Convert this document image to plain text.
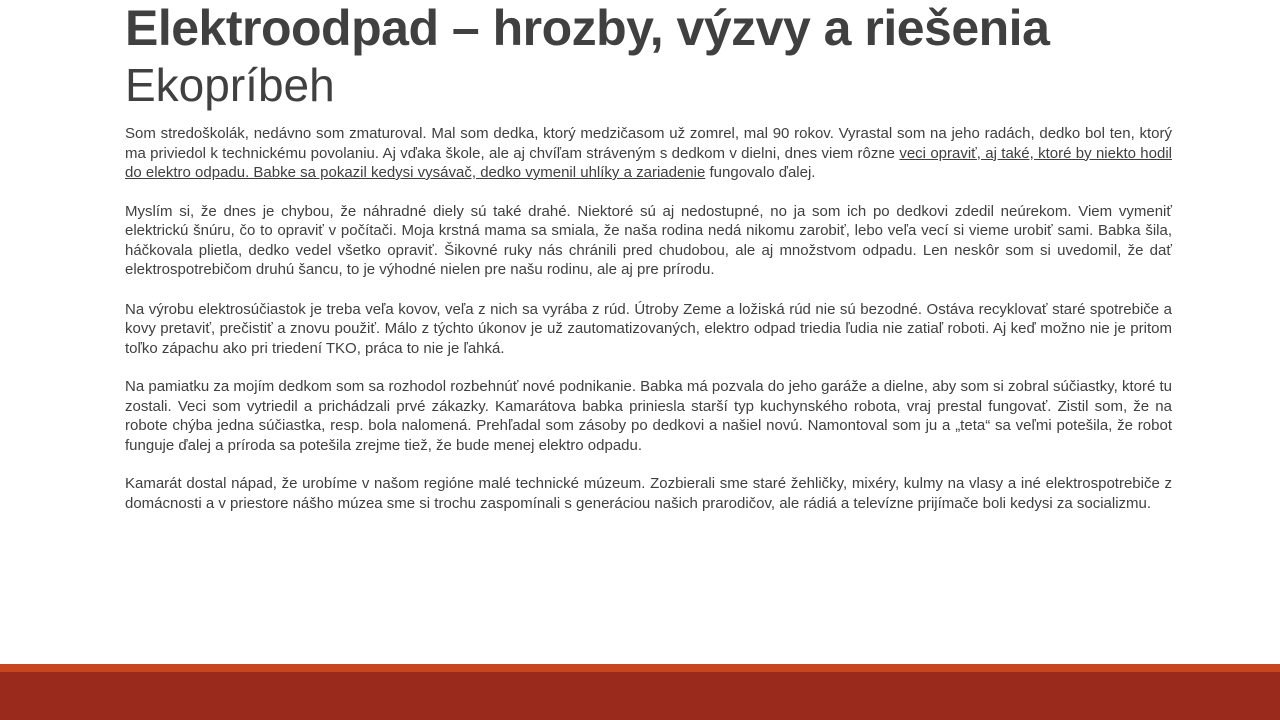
Elektroodpad – hrozby, výzvy a riešenia
Ekopríbeh

Som stredoškolák, nedávno som zmaturoval. Mal som dedka, ktorý medzičasom už zomrel, mal 90 rokov. Vyrastal som na jeho radách, dedko bol ten, ktorý ma priviedol k technickému povolaniu. Aj vďaka škole, ale aj chvíľam stráveným s dedkom v dielni, dnes viem rôzne veci opraviť, aj také, ktoré by niekto hodil do elektro odpadu. Babke sa pokazil kedysi vysávač, dedko vymenil uhlíky a zariadenie fungovalo ďalej.

Myslím si, že dnes je chybou, že náhradné diely sú také drahé. Niektoré sú aj nedostupné, no ja som ich po dedkovi zdedil neúrekom. Viem vymeniť elektrickú šnúru, čo to opraviť v počítači. Moja krstná mama sa smiala, že naša rodina nedá nikomu zarobiť, lebo veľa vecí si vieme urobiť sami. Babka šila, háčkovala plietla, dedko vedel všetko opraviť. Šikovné ruky nás chránili pred chudobou, ale aj množstvom odpadu. Len neskôr som si uvedomil, že dať elektrospotrebičom druhú šancu, to je výhodné nielen pre našu rodinu, ale aj pre prírodu.

Na výrobu elektrosúčiastok je treba veľa kovov, veľa z nich sa vyrába z rúd. Útroby Zeme a ložiská rúd nie sú bezodné. Ostáva recyklovať staré spotrebiče a kovy pretaviť, prečistiť a znovu použiť. Málo z týchto úkonov je už zautomatizovaných, elektro odpad triedia ľudia nie zatiaľ roboti. Aj keď možno nie je pritom toľko zápachu ako pri triedení TKO, práca to nie je ľahká.

Na pamiatku za mojím dedkom som sa rozhodol rozbehnúť nové podnikanie. Babka má pozvala do jeho garáže a dielne, aby som si zobral súčiastky, ktoré tu zostali. Veci som vytriedil a prichádzali prvé zákazky. Kamarátova babka priniesla starší typ kuchynského robota, vraj prestal fungovať. Zistil som, že na robote chýba jedna súčiastka, resp. bola nalomená. Prehľadal som zásoby po dedkovi a našiel novú. Namontoval som ju a „teta“ sa veľmi potešila, že robot funguje ďalej a príroda sa potešila zrejme tiež, že bude menej elektro odpadu.

Kamarát dostal nápad, že urobíme v našom regióne malé technické múzeum. Zozbierali sme staré žehličky, mixéry, kulmy na vlasy a iné elektrospotrebiče z domácnosti a v priestore nášho múzea sme si trochu zaspomínali s generáciou našich prarodičov, ale rádiá a televízne prijímače boli kedysi za socializmu.
